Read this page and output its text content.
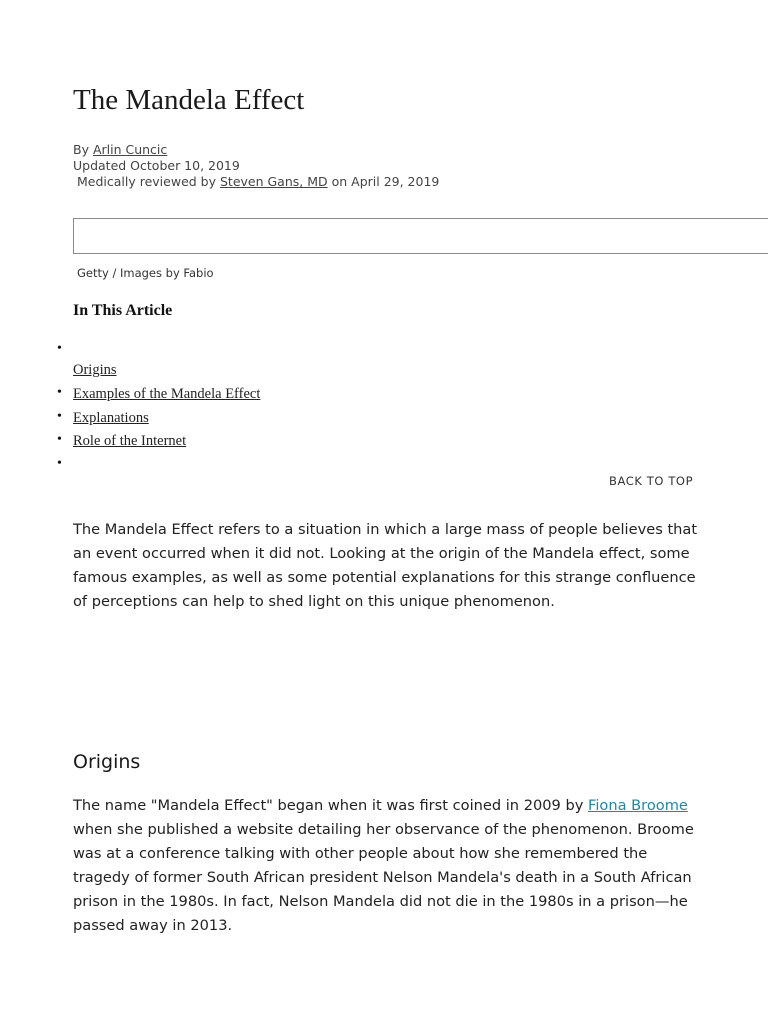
The Mandela Effect
By Arlin Cuncic
Updated October 10, 2019
Medically reviewed by Steven Gans, MD on April 29, 2019
Getty / Images by Fabio
In This Article
•
Origins
• Examples of the Mandela Effect
• Explanations
• Role of the Internet
•
BACK TO TOP

The Mandela Effect refers to a situation in which a large mass of people believes that an event occurred when it did not. Looking at the origin of the Mandela effect, some famous examples, as well as some potential explanations for this strange confluence of perceptions can help to shed light on this unique phenomenon.

Origins

The name "Mandela Effect" began when it was first coined in 2009 by Fiona Broome when she published a website detailing her observance of the phenomenon. Broome was at a conference talking with other people about how she remembered the tragedy of former South African president Nelson Mandela's death in a South African prison in the 1980s. In fact, Nelson Mandela did not die in the 1980s in a prison—he passed away in 2013.
